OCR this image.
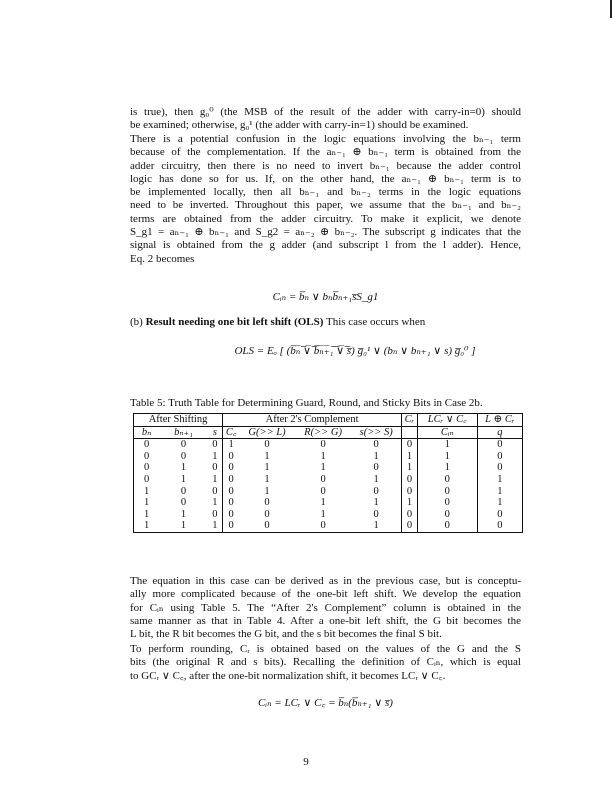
is true), then g₀⁰ (the MSB of the result of the adder with carry-in=0) should
be examined; otherwise, g₀¹ (the adder with carry-in=1) should be examined.
There is a potential confusion in the logic equations involving the bₙ₋₁ term
because of the complementation. If the aₙ₋₁ ⊕ bₙ₋₁ term is obtained from the
adder circuitry, then there is no need to invert bₙ₋₁ because the adder control
logic has done so for us. If, on the other hand, the aₙ₋₁ ⊕ bₙ₋₁ term is to
be implemented locally, then all bₙ₋₁ and bₙ₋₂ terms in the logic equations
need to be inverted. Throughout this paper, we assume that the bₙ₋₁ and bₙ₋₂
terms are obtained from the adder circuitry. To make it explicit, we denote
S_g1 = aₙ₋₁ ⊕ bₙ₋₁ and S_g2 = aₙ₋₂ ⊕ bₙ₋₂. The subscript g indicates that the
signal is obtained from the g adder (and subscript l from the l adder). Hence,
Eq. 2 becomes
Cᵢₙ = b̅ₙ ∨ bₙb̅ₙ₊₁s̅S_g1
(b) Result needing one bit left shift (OLS) This case occurs when
OLS = Eₒ [ (b̅ₙ̅ ̅∨̅ ̅b̅ₙ̅₊̅₁̅ ̅∨̅ ̅s̅) g̅₀¹ ∨ (bₙ ∨ bₙ₊₁ ∨ s) g̅₀⁰ ]
Table 5: Truth Table for Determining Guard, Round, and Sticky Bits in Case 2b.
After Shifting			After 2's Complement				Cᵣ	LCᵣ ∨ C꜀	L ⊕ Cᵣ
bₙ	bₙ₊₁	s	C꜀	G(>> L)	R(>> G)	s(>> S)		Cᵢₙ	q
0	0	0	1	0	0	0	0	1	0
0	0	1	0	1	1	1	1	1	0
0	1	0	0	1	1	0	1	1	0
0	1	1	0	1	0	1	0	0	1
1	0	0	0	1	0	0	0	0	1
1	0	1	0	0	1	1	1	0	1
1	1	0	0	0	1	0	0	0	0
1	1	1	0	0	0	1	0	0	0
The equation in this case can be derived as in the previous case, but is conceptu-
ally more complicated because of the one-bit left shift. We develop the equation
for Cᵢₙ using Table 5. The “After 2's Complement” column is obtained in the
same manner as that in Table 4. After a one-bit left shift, the G bit becomes the
L bit, the R bit becomes the G bit, and the s bit becomes the final S bit.
To perform rounding, Cᵣ is obtained based on the values of the G and the S
bits (the original R and s bits). Recalling the definition of Cᵢₙ, which is equal
to GCᵣ ∨ C꜀, after the one-bit normalization shift, it becomes LCᵣ ∨ C꜀.
Cᵢₙ = LCᵣ ∨ C꜀ = b̅ₙ(b̅ₙ₊₁ ∨ s̅)
9
